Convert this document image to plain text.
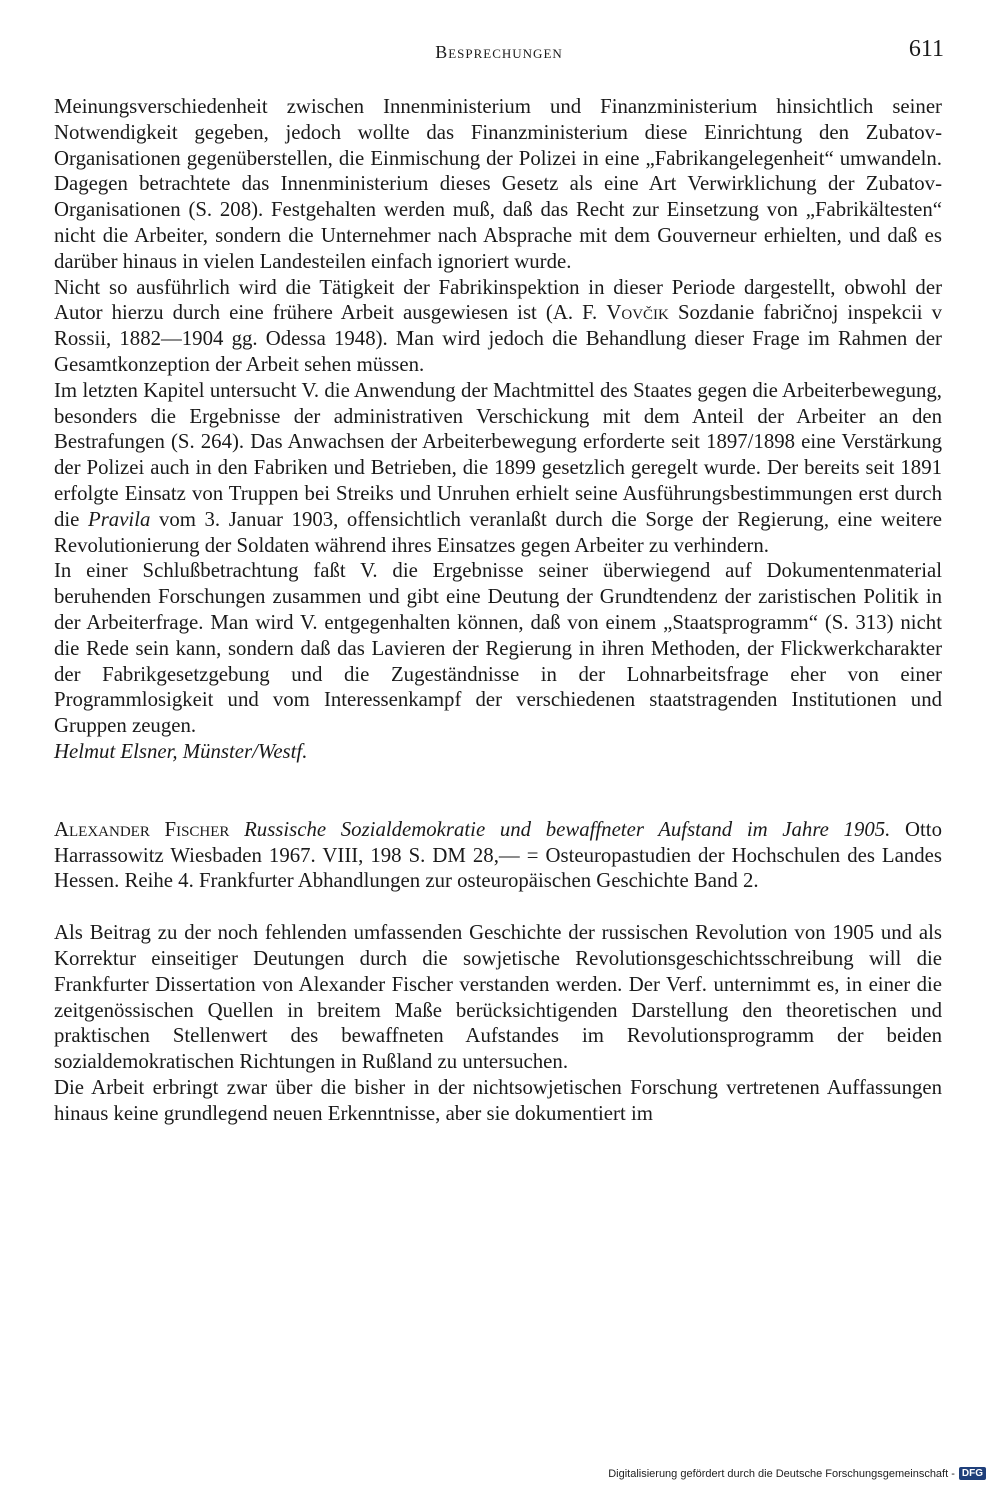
Besprechungen	611

Meinungsverschiedenheit zwischen Innenministerium und Finanzministerium hinsichtlich seiner Notwendigkeit gegeben, jedoch wollte das Finanzministerium diese Einrichtung den Zubatov-Organisationen gegenüberstellen, die Einmischung der Polizei in eine „Fabrikangelegenheit“ umwandeln. Dagegen betrachtete das Innenministerium dieses Gesetz als eine Art Verwirklichung der Zubatov-Organisationen (S. 208). Festgehalten werden muß, daß das Recht zur Einsetzung von „Fabrikältesten“ nicht die Arbeiter, sondern die Unternehmer nach Absprache mit dem Gouverneur erhielten, und daß es darüber hinaus in vielen Landesteilen einfach ignoriert wurde.

Nicht so ausführlich wird die Tätigkeit der Fabrikinspektion in dieser Periode dargestellt, obwohl der Autor hierzu durch eine frühere Arbeit ausgewiesen ist (A. F. Vovčik Sozdanie fabričnoj inspekcii v Rossii, 1882—1904 gg. Odessa 1948). Man wird jedoch die Behandlung dieser Frage im Rahmen der Gesamtkonzeption der Arbeit sehen müssen.

Im letzten Kapitel untersucht V. die Anwendung der Machtmittel des Staates gegen die Arbeiterbewegung, besonders die Ergebnisse der administrativen Verschickung mit dem Anteil der Arbeiter an den Bestrafungen (S. 264). Das Anwachsen der Arbeiterbewegung erforderte seit 1897/1898 eine Verstärkung der Polizei auch in den Fabriken und Betrieben, die 1899 gesetzlich geregelt wurde. Der bereits seit 1891 erfolgte Einsatz von Truppen bei Streiks und Unruhen erhielt seine Ausführungsbestimmungen erst durch die Pravila vom 3. Januar 1903, offensichtlich veranlaßt durch die Sorge der Regierung, eine weitere Revolutionierung der Soldaten während ihres Einsatzes gegen Arbeiter zu verhindern.

In einer Schlußbetrachtung faßt V. die Ergebnisse seiner überwiegend auf Dokumentenmaterial beruhenden Forschungen zusammen und gibt eine Deutung der Grundtendenz der zaristischen Politik in der Arbeiterfrage. Man wird V. entgegenhalten können, daß von einem „Staatsprogramm“ (S. 313) nicht die Rede sein kann, sondern daß das Lavieren der Regierung in ihren Methoden, der Flickwerkcharakter der Fabrikgesetzgebung und die Zugeständnisse in der Lohnarbeitsfrage eher von einer Programmlosigkeit und vom Interessenkampf der verschiedenen staatstragenden Institutionen und Gruppen zeugen.

Helmut Elsner, Münster/Westf.

Alexander Fischer Russische Sozialdemokratie und bewaffneter Aufstand im Jahre 1905. Otto Harrassowitz Wiesbaden 1967. VIII, 198 S. DM 28,— = Osteuropastudien der Hochschulen des Landes Hessen. Reihe 4. Frankfurter Abhandlungen zur osteuropäischen Geschichte Band 2.

Als Beitrag zu der noch fehlenden umfassenden Geschichte der russischen Revolution von 1905 und als Korrektur einseitiger Deutungen durch die sowjetische Revolutionsgeschichtsschreibung will die Frankfurter Dissertation von Alexander Fischer verstanden werden. Der Verf. unternimmt es, in einer die zeitgenössischen Quellen in breitem Maße berücksichtigenden Darstellung den theoretischen und praktischen Stellenwert des bewaffneten Aufstandes im Revolutionsprogramm der beiden sozialdemokratischen Richtungen in Rußland zu untersuchen.

Die Arbeit erbringt zwar über die bisher in der nichtsowjetischen Forschung vertretenen Auffassungen hinaus keine grundlegend neuen Erkenntnisse, aber sie dokumentiert im

Digitalisierung gefördert durch die Deutsche Forschungsgemeinschaft - DFG
